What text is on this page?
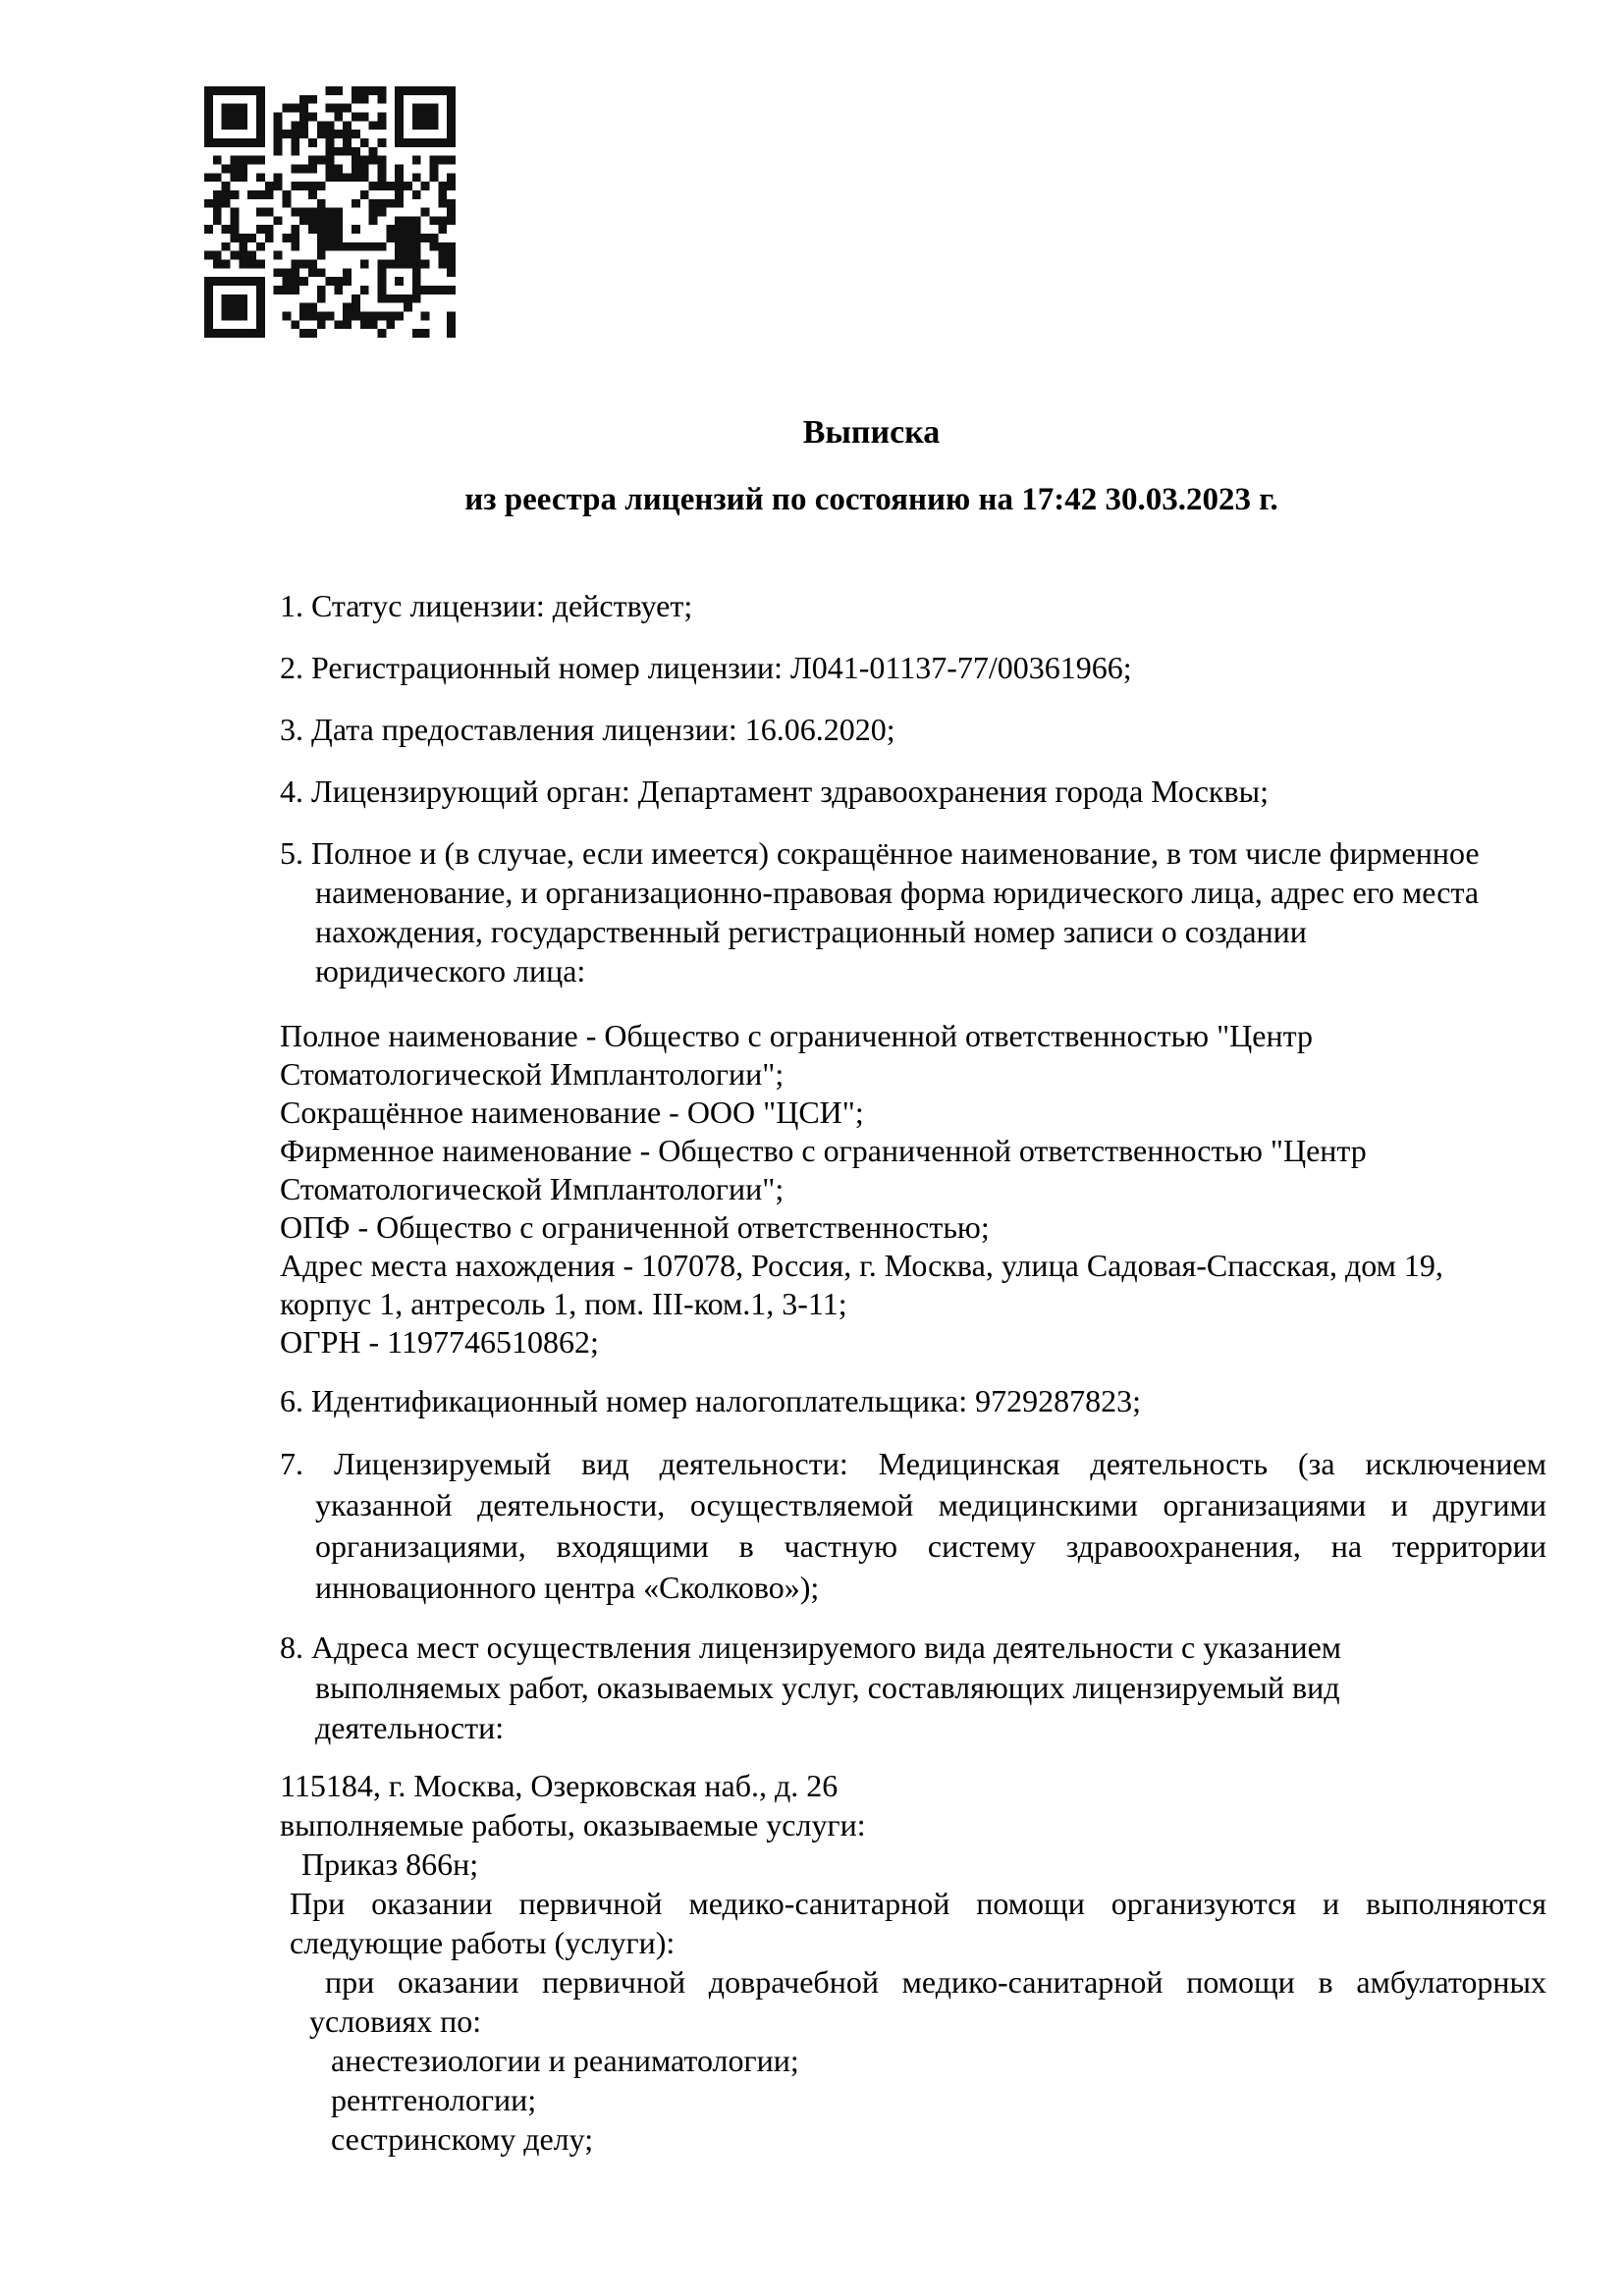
Выписка
из реестра лицензий по состоянию на 17:42 30.03.2023 г.

1. Статус лицензии: действует;

2. Регистрационный номер лицензии: Л041-01137-77/00361966;

3. Дата предоставления лицензии: 16.06.2020;

4. Лицензирующий орган: Департамент здравоохранения города Москвы;

5. Полное и (в случае, если имеется) сокращённое наименование, в том числе фирменное

наименование, и организационно-правовая форма юридического лица, адрес его места

нахождения, государственный регистрационный номер записи о создании

юридического лица:

Полное наименование - Общество с ограниченной ответственностью "Центр

Стоматологической Имплантологии";

Сокращённое наименование - ООО "ЦСИ";

Фирменное наименование - Общество с ограниченной ответственностью "Центр

Стоматологической Имплантологии";

ОПФ - Общество с ограниченной ответственностью;

Адрес места нахождения - 107078, Россия, г. Москва, улица Садовая-Спасская, дом 19,

корпус 1, антресоль 1, пом. III-ком.1, 3-11;

ОГРН - 1197746510862;

6. Идентификационный номер налогоплательщика: 9729287823;

7. Лицензируемый вид деятельности: Медицинская деятельность (за исключением

указанной деятельности, осуществляемой медицинскими организациями и другими

организациями, входящими в частную систему здравоохранения, на территории

инновационного центра «Сколково»);

8. Адреса мест осуществления лицензируемого вида деятельности с указанием

выполняемых работ, оказываемых услуг, составляющих лицензируемый вид

деятельности:

115184, г. Москва, Озерковская наб., д. 26

выполняемые работы, оказываемые услуги:

Приказ 866н;

При оказании первичной медико-санитарной помощи организуются и выполняются

следующие работы (услуги):

при оказании первичной доврачебной медико-санитарной помощи в амбулаторных

условиях по:

анестезиологии и реаниматологии;

рентгенологии;

сестринскому делу;
